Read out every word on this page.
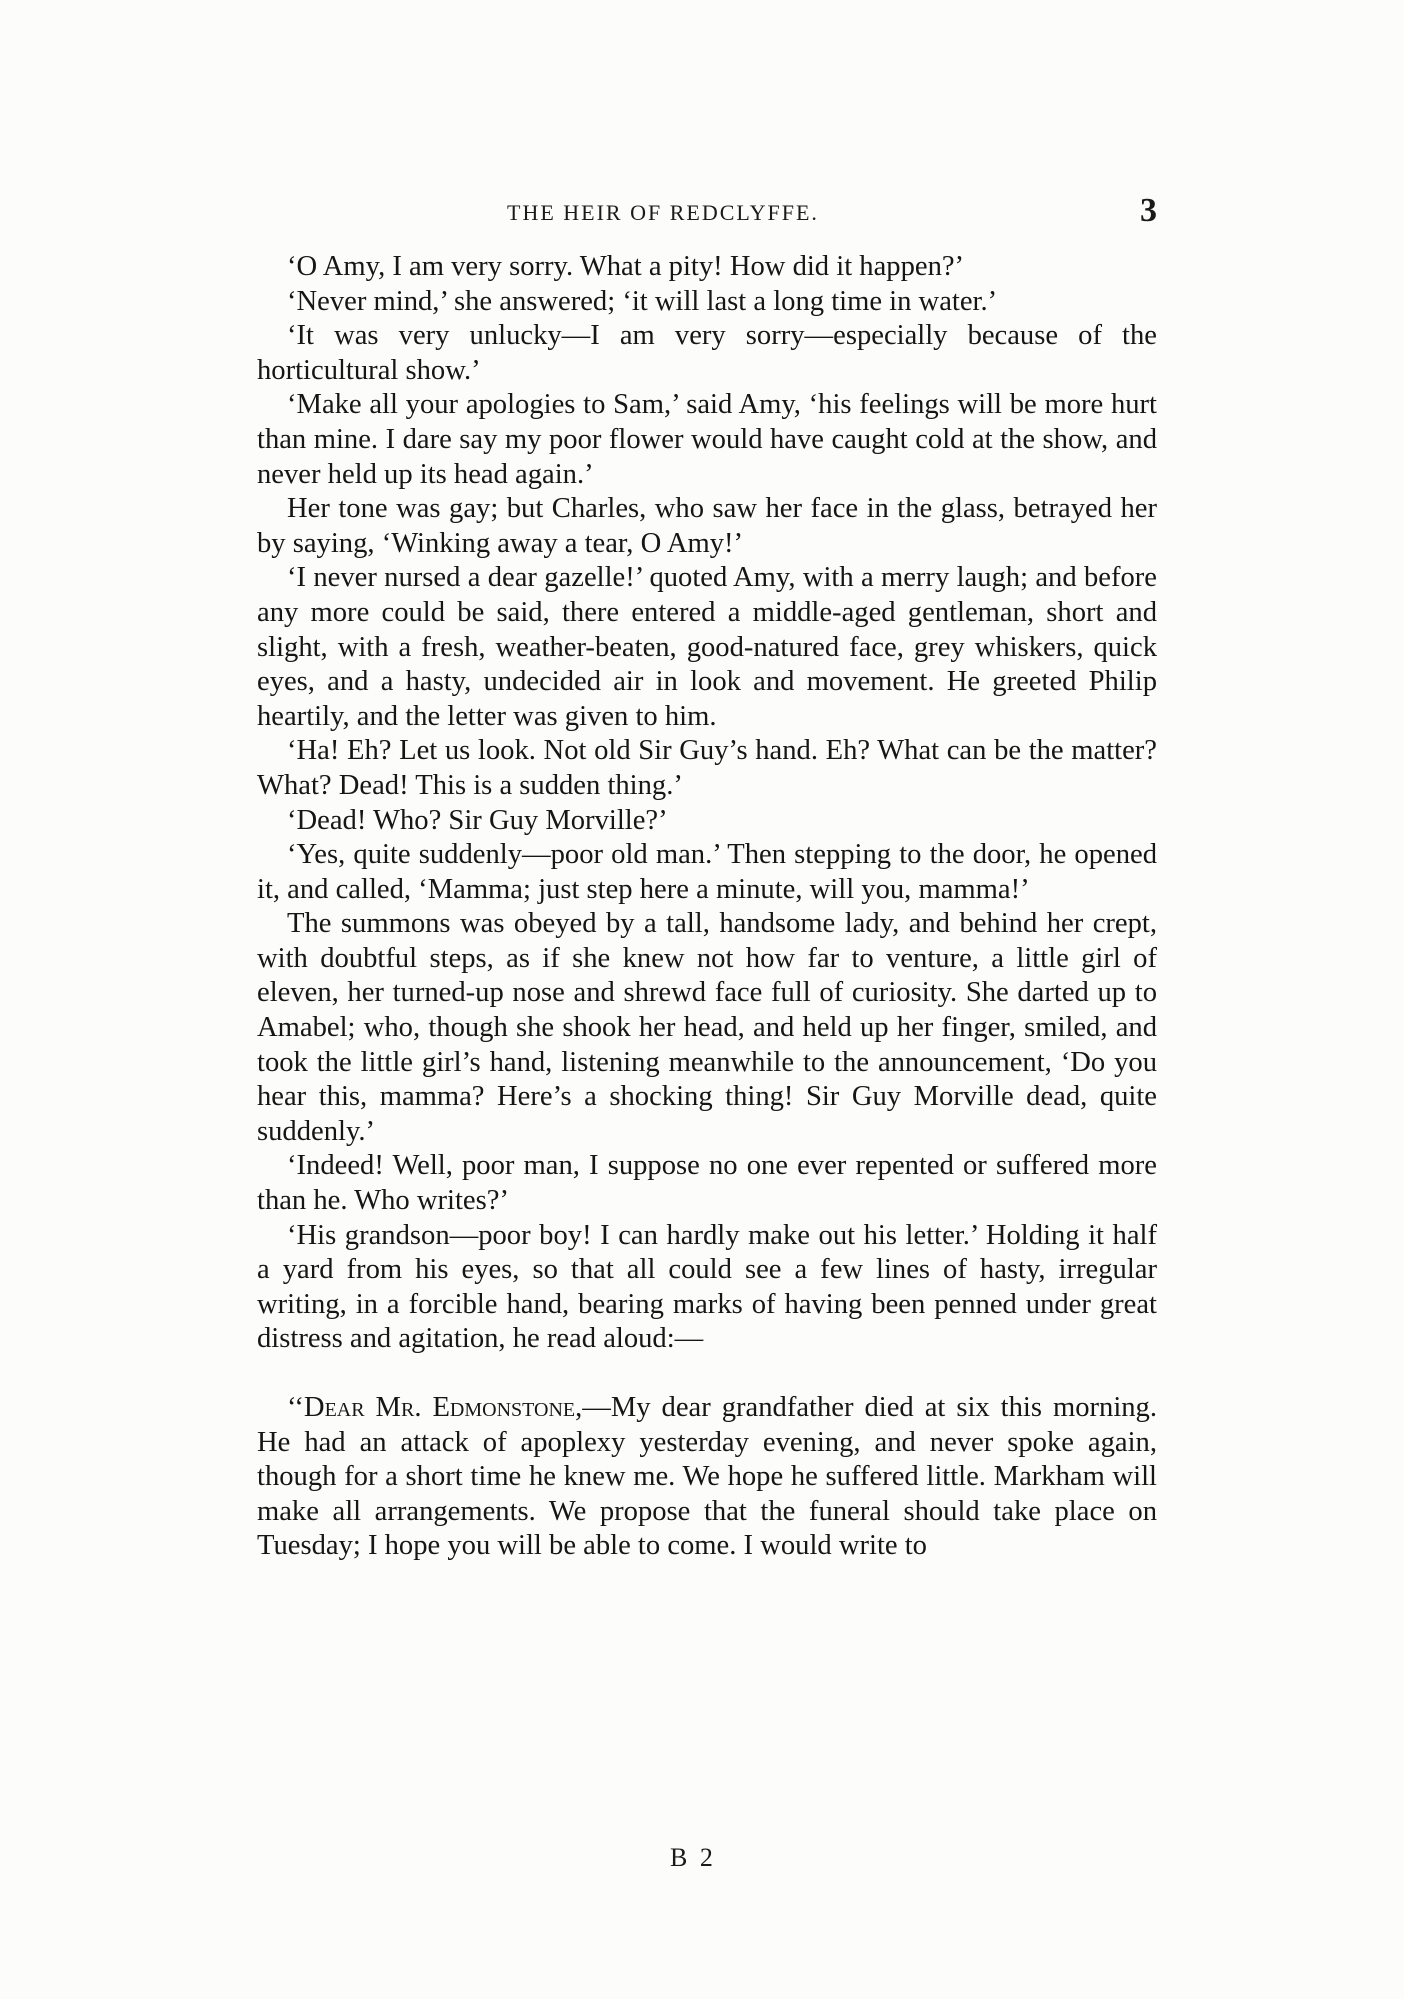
THE HEIR OF REDCLYFFE.	3

‘O Amy, I am very sorry. What a pity! How did it happen?’

‘Never mind,’ she answered; ‘it will last a long time in water.’

‘It was very unlucky—I am very sorry—especially because of the horticultural show.’

‘Make all your apologies to Sam,’ said Amy, ‘his feelings will be more hurt than mine. I dare say my poor flower would have caught cold at the show, and never held up its head again.’

Her tone was gay; but Charles, who saw her face in the glass, betrayed her by saying, ‘Winking away a tear, O Amy!’

‘I never nursed a dear gazelle!’ quoted Amy, with a merry laugh; and before any more could be said, there entered a middle-aged gentleman, short and slight, with a fresh, weather-beaten, good-natured face, grey whiskers, quick eyes, and a hasty, undecided air in look and movement. He greeted Philip heartily, and the letter was given to him.

‘Ha! Eh? Let us look. Not old Sir Guy’s hand. Eh? What can be the matter? What? Dead! This is a sudden thing.’

‘Dead! Who? Sir Guy Morville?’

‘Yes, quite suddenly—poor old man.’ Then stepping to the door, he opened it, and called, ‘Mamma; just step here a minute, will you, mamma!’

The summons was obeyed by a tall, handsome lady, and behind her crept, with doubtful steps, as if she knew not how far to venture, a little girl of eleven, her turned-up nose and shrewd face full of curiosity. She darted up to Amabel; who, though she shook her head, and held up her finger, smiled, and took the little girl’s hand, listening meanwhile to the announcement, ‘Do you hear this, mamma? Here’s a shocking thing! Sir Guy Morville dead, quite suddenly.’

‘Indeed! Well, poor man, I suppose no one ever repented or suffered more than he. Who writes?’

‘His grandson—poor boy! I can hardly make out his letter.’ Holding it half a yard from his eyes, so that all could see a few lines of hasty, irregular writing, in a forcible hand, bearing marks of having been penned under great distress and agitation, he read aloud:—

‘‘Dear Mr. Edmonstone,—My dear grandfather died at six this morning. He had an attack of apoplexy yesterday evening, and never spoke again, though for a short time he knew me. We hope he suffered little. Markham will make all arrangements. We propose that the funeral should take place on Tuesday; I hope you will be able to come. I would write to

B 2
